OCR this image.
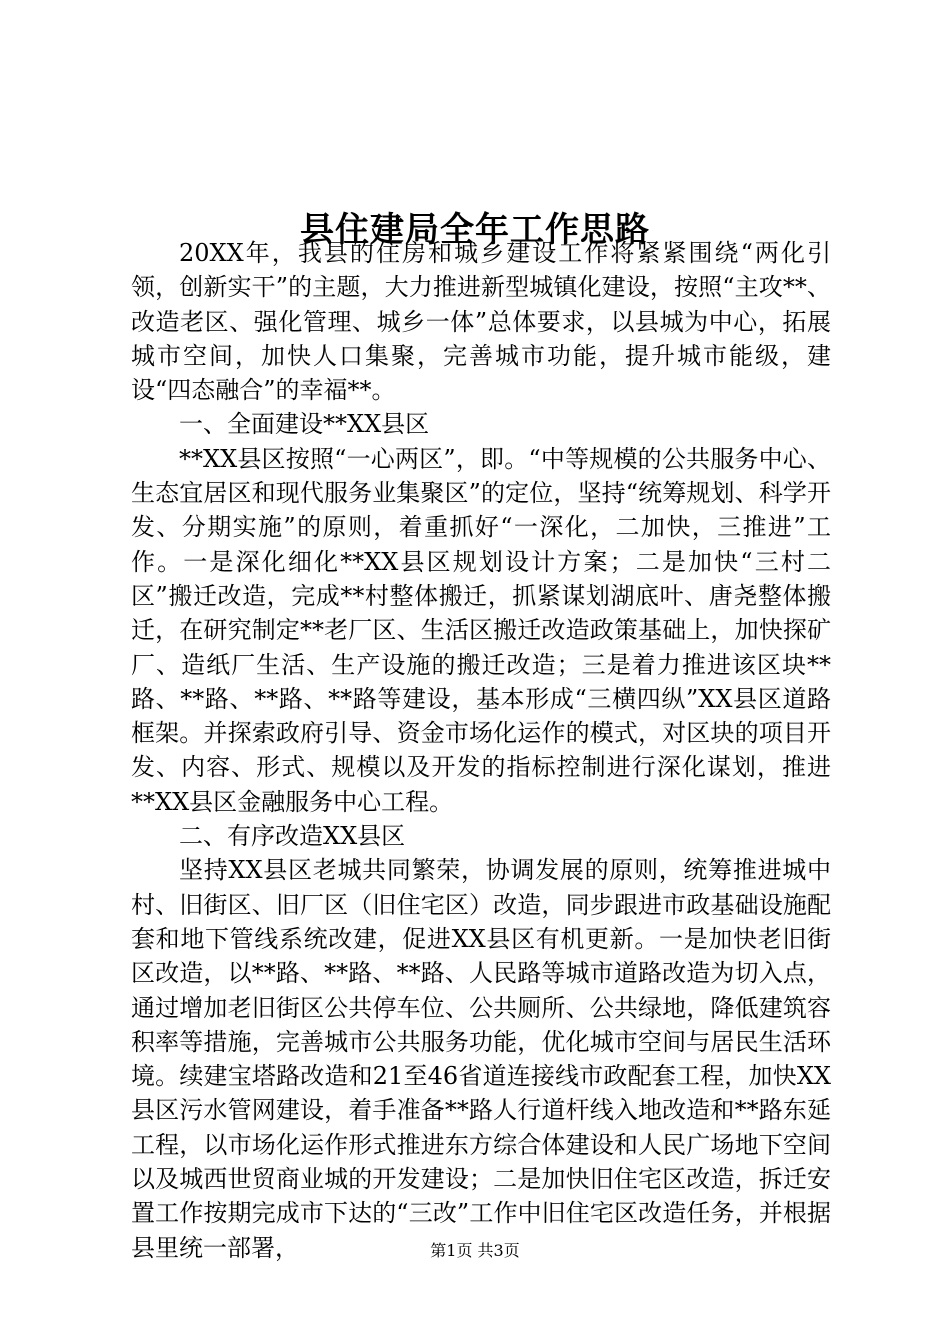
县住建局全年工作思路

20XX年，我县的住房和城乡建设工作将紧紧围绕“两化引领，创新实干”的主题，大力推进新型城镇化建设，按照“主攻**、改造老区、强化管理、城乡一体”总体要求，以县城为中心，拓展城市空间，加快人口集聚，完善城市功能，提升城市能级，建设“四态融合”的幸福**。

一、全面建设**XX县区

**XX县区按照“一心两区”，即。“中等规模的公共服务中心、生态宜居区和现代服务业集聚区”的定位，坚持“统筹规划、科学开发、分期实施”的原则，着重抓好“一深化，二加快，三推进”工作。一是深化细化**XX县区规划设计方案；二是加快“三村二区”搬迁改造，完成**村整体搬迁，抓紧谋划湖底叶、唐尧整体搬迁，在研究制定**老厂区、生活区搬迁改造政策基础上，加快探矿厂、造纸厂生活、生产设施的搬迁改造；三是着力推进该区块**路、**路、**路、**路等建设，基本形成“三横四纵”XX县区道路框架。并探索政府引导、资金市场化运作的模式，对区块的项目开发、内容、形式、规模以及开发的指标控制进行深化谋划，推进**XX县区金融服务中心工程。

二、有序改造XX县区

坚持XX县区老城共同繁荣，协调发展的原则，统筹推进城中村、旧街区、旧厂区（旧住宅区）改造，同步跟进市政基础设施配套和地下管线系统改建，促进XX县区有机更新。一是加快老旧街区改造，以**路、**路、**路、人民路等城市道路改造为切入点，通过增加老旧街区公共停车位、公共厕所、公共绿地，降低建筑容积率等措施，完善城市公共服务功能，优化城市空间与居民生活环境。续建宝塔路改造和21至46省道连接线市政配套工程，加快XX县区污水管网建设，着手准备**路人行道杆线入地改造和**路东延工程，以市场化运作形式推进东方综合体建设和人民广场地下空间以及城西世贸商业城的开发建设；二是加快旧住宅区改造，拆迁安置工作按期完成市下达的“三改”工作中旧住宅区改造任务，并根据县里统一部署，	第1页 共3页
